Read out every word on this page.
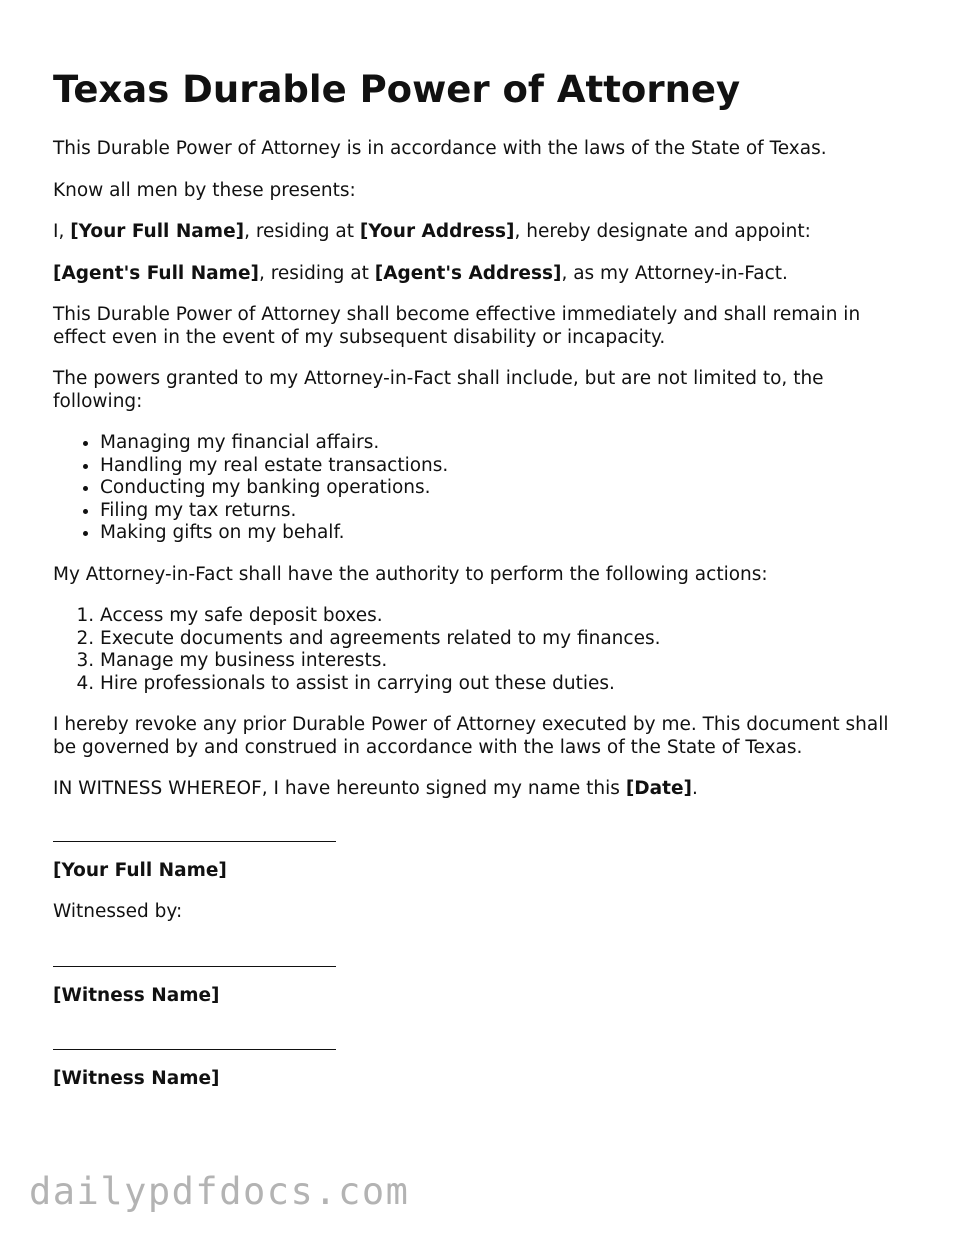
Texas Durable Power of Attorney

This Durable Power of Attorney is in accordance with the laws of the State of Texas.

Know all men by these presents:

I, [Your Full Name], residing at [Your Address], hereby designate and appoint:

[Agent's Full Name], residing at [Agent's Address], as my Attorney-in-Fact.

This Durable Power of Attorney shall become effective immediately and shall remain in effect even in the event of my subsequent disability or incapacity.

The powers granted to my Attorney-in-Fact shall include, but are not limited to, the following:

• Managing my financial affairs.
• Handling my real estate transactions.
• Conducting my banking operations.
• Filing my tax returns.
• Making gifts on my behalf.

My Attorney-in-Fact shall have the authority to perform the following actions:

1. Access my safe deposit boxes.
2. Execute documents and agreements related to my finances.
3. Manage my business interests.
4. Hire professionals to assist in carrying out these duties.

I hereby revoke any prior Durable Power of Attorney executed by me. This document shall be governed by and construed in accordance with the laws of the State of Texas.

IN WITNESS WHEREOF, I have hereunto signed my name this [Date].

[Your Full Name]

Witnessed by:

[Witness Name]
[Witness Name]
dailypdfdocs.com
